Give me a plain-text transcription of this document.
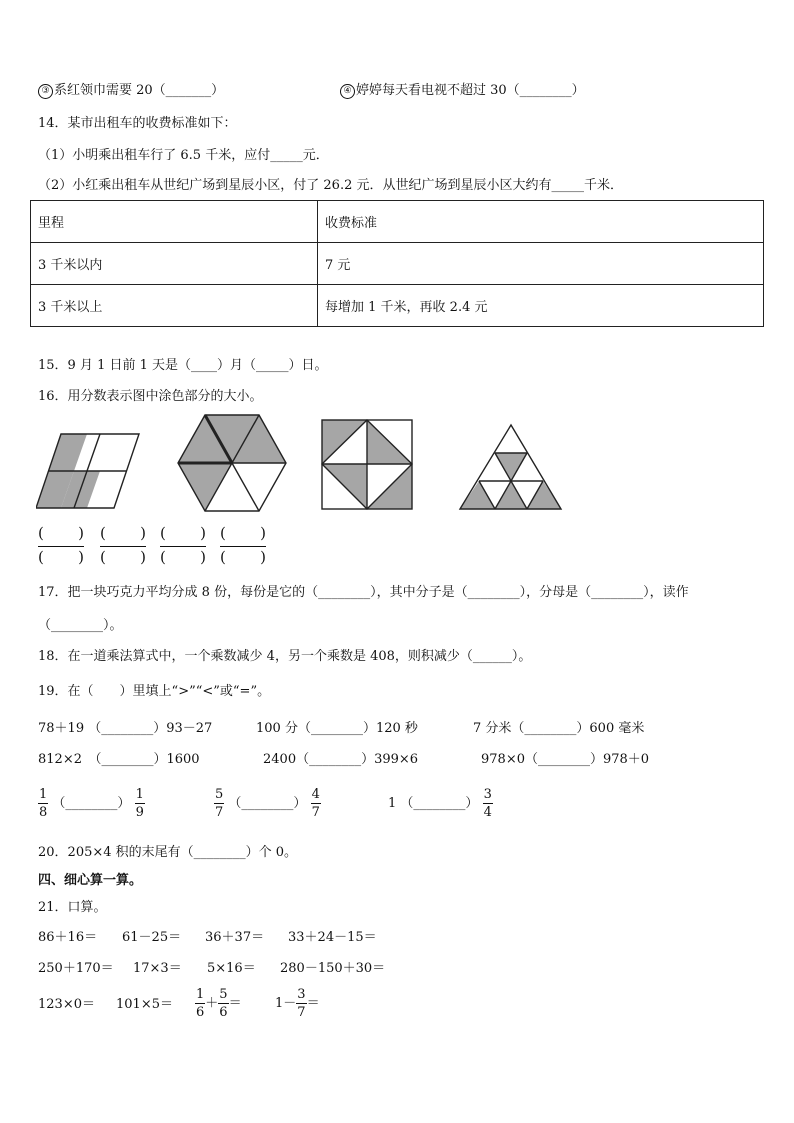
③ 系红领巾需要 20（_______）	④ 婷婷每天看电视不超过 30（________）
14．某市出租车的收费标准如下：
（1）小明乘出租车行了 6.5 千米，应付_____元．
（2）小红乘出租车从世纪广场到星辰小区，付了 26.2 元．从世纪广场到星辰小区大约有_____千米．
里程	收费标准
3 千米以内	7 元
3 千米以上	每增加 1 千米，再收 2.4 元
15．9 月 1 日前 1 天是（____）月（_____）日。
16．用分数表示图中涂色部分的大小。
( )
( )
( )
( )
( )
( )
( )
( )
17．把一块巧克力平均分成 8 份，每份是它的（________），其中分子是（________），分母是（________），读作
（________）。
18．在一道乘法算式中，一个乘数减少 4，另一个乘数是 408，则积减少（______）。
19．在（　　）里填上“>”“<”或“=”。
78＋19 （________）93－27	100 分（________）120 秒	7 分米（________）600 毫米
812×2　（________）1600	2400（________）399×6	978×0（________）978＋0
$\frac{1}{8}$ （________） $\frac{1}{9}$	$\frac{5}{7}$ （________） $\frac{4}{7}$	1 （________） $\frac{3}{4}$
20．205×4 积的末尾有（________）个 0。
四、细心算一算。
21．口算。
86＋16＝ 61－25＝ 36＋37＝ 33＋24－15＝
250＋170＝ 17×3＝ 5×16＝ 280－150＋30＝
$123\times 0= 101\times 5= \frac{1}{6} + \frac{5}{6}$ ＝	$1- \frac{3}{7}$ ＝
